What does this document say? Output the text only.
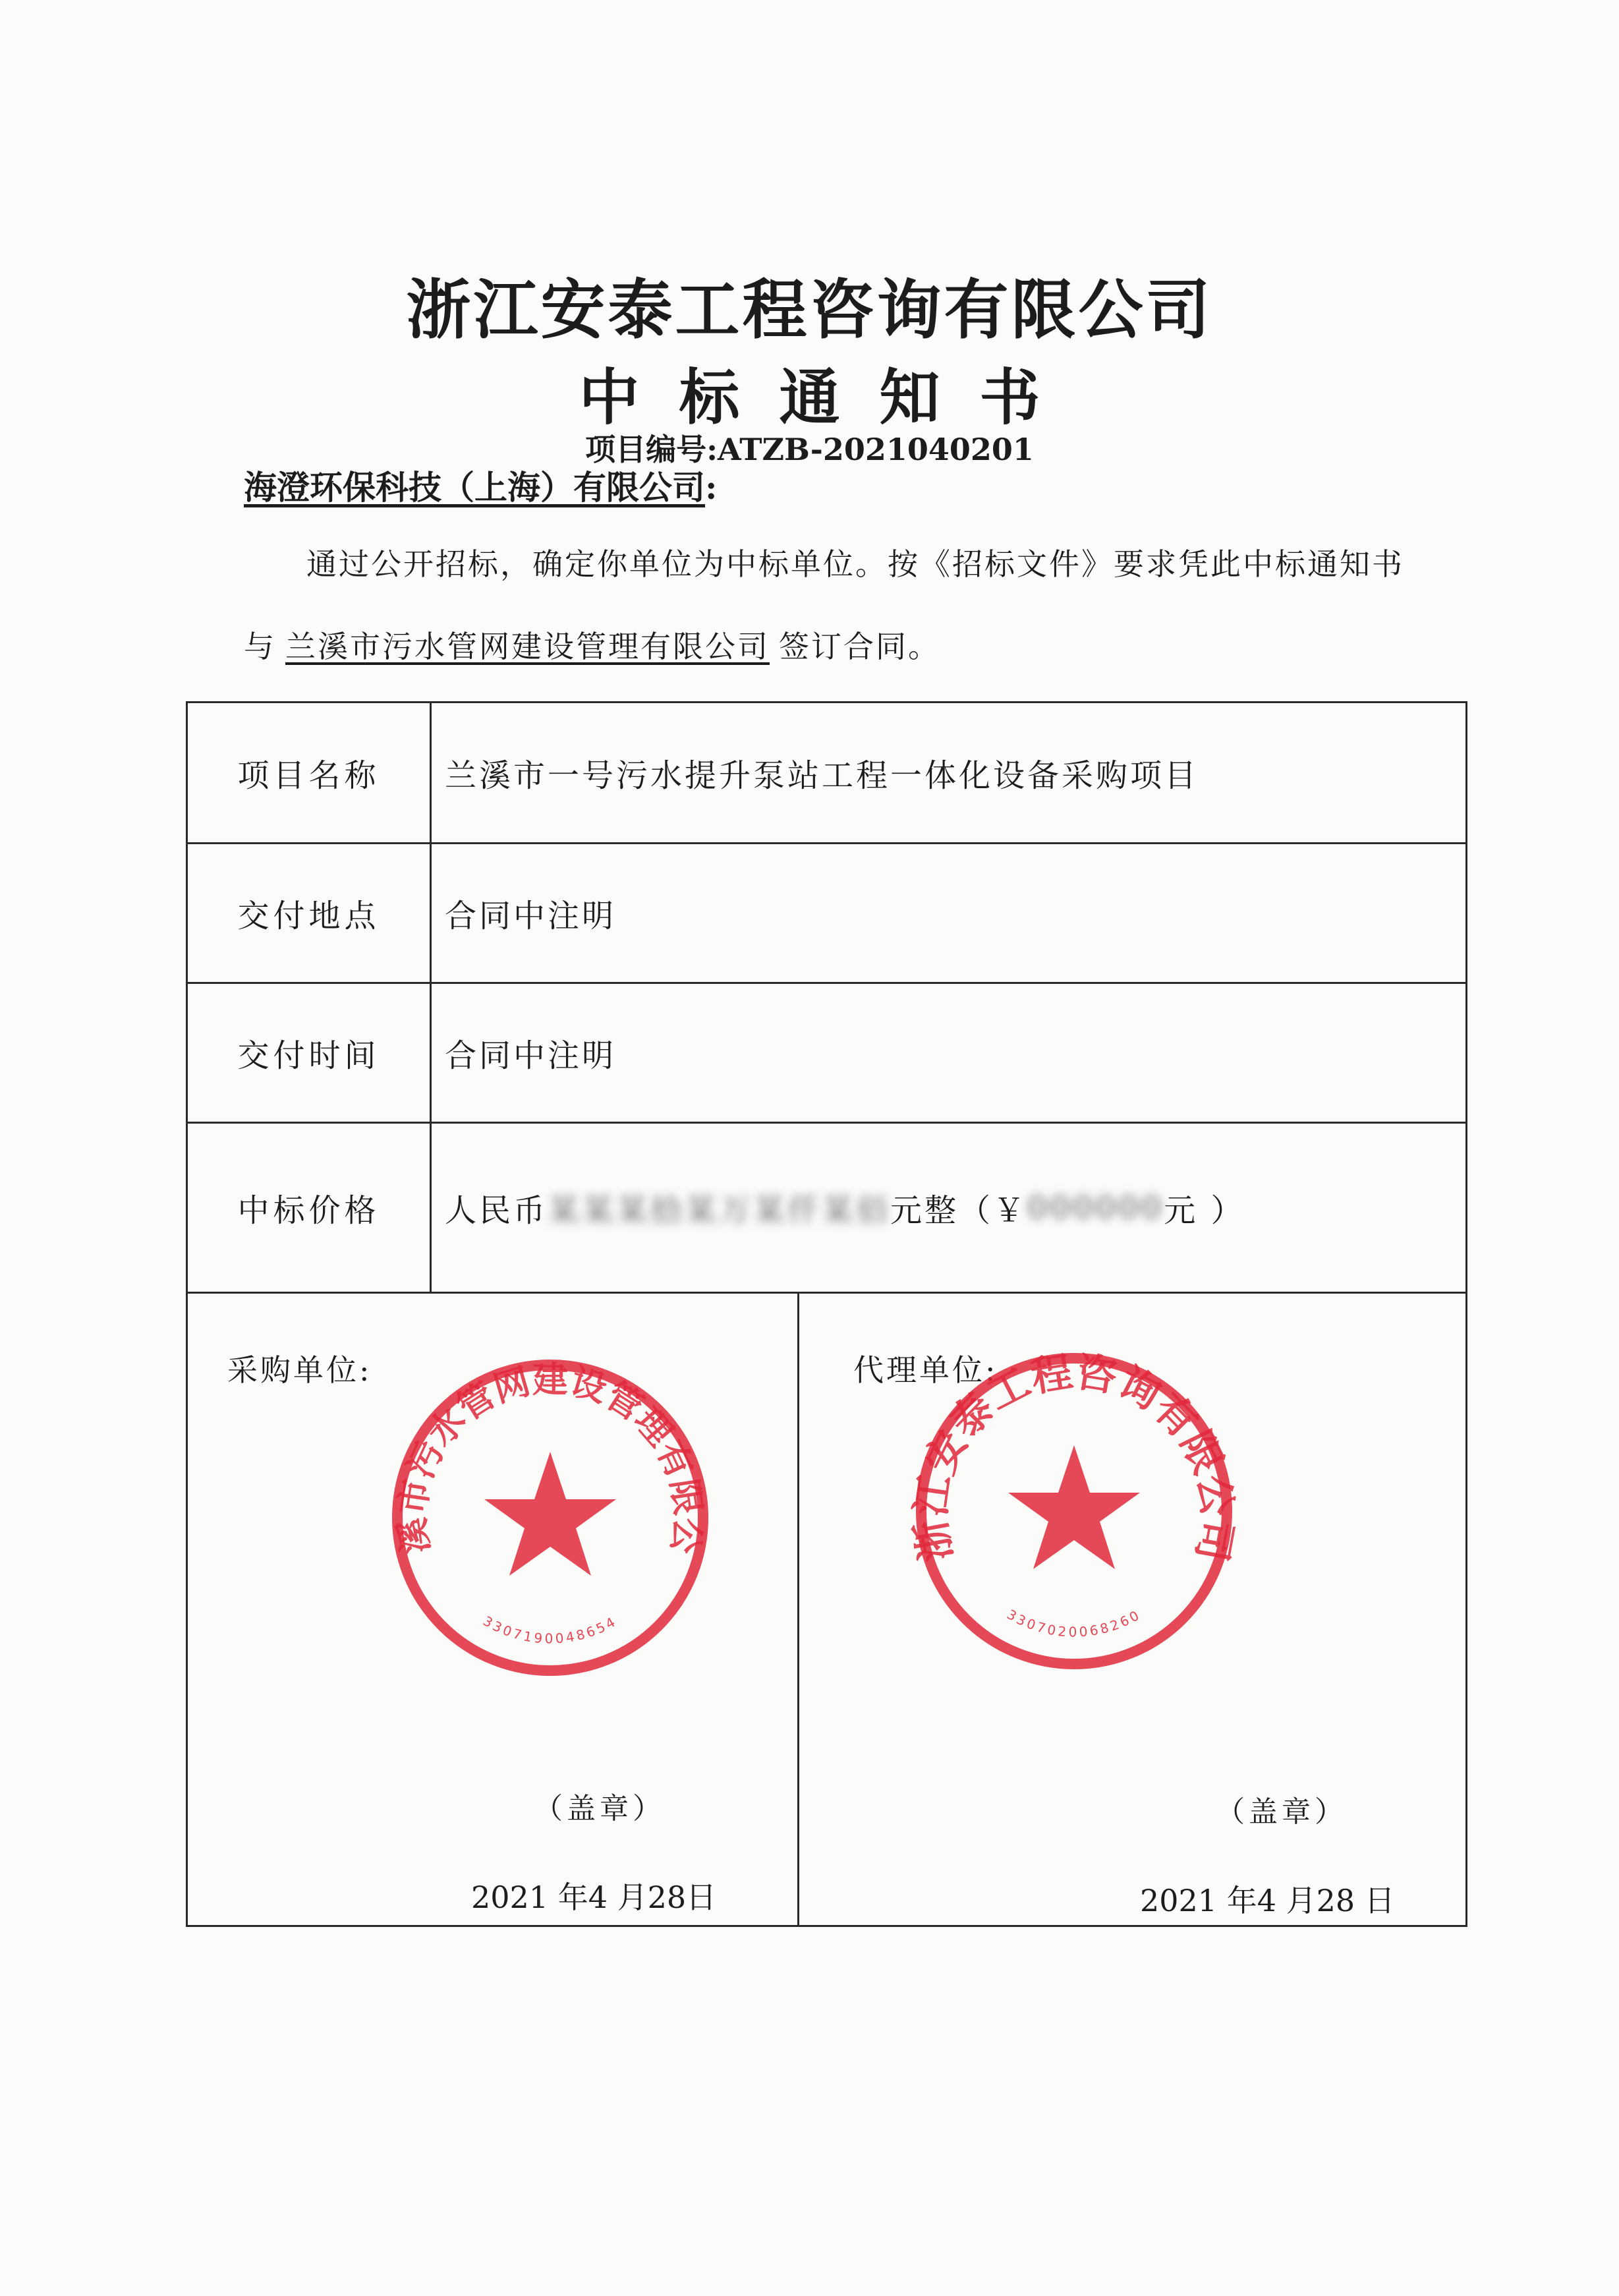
浙江安泰工程咨询有限公司
中标通知书
项目编号:ATZB-2021040201
海澄环保科技（上海）有限公司:
通过公开招标，确定你单位为中标单位。按《招标文件》要求凭此中标通知书
与 兰溪市污水管网建设管理有限公司 签订合同。
项目名称	兰溪市一号污水提升泵站工程一体化设备采购项目
交付地点	合同中注明
交付时间	合同中注明
中标价格	人民币 某某某拾某万某仟某佰 元整（￥ 000000 元 ）
采购单位:
溪市污水管网建设管理有限公
3307190048654
（盖章）
2021 年4 月28日
代理单位:
浙江安泰工程咨询有限公司
3307020068260
（盖章）
2021 年4 月28 日
